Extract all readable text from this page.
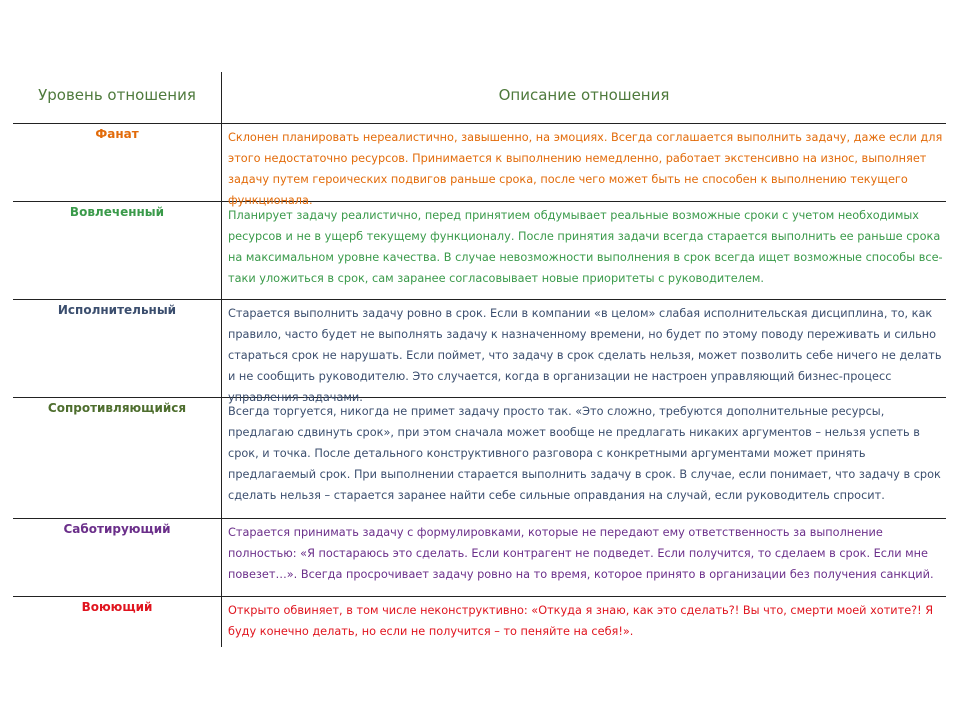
Уровень отношения	Описание отношения
Фанат	Склонен планировать нереалистично, завышенно, на эмоциях. Всегда соглашается выполнить задачу, даже если для этого недостаточно ресурсов. Принимается к выполнению немедленно, работает экстенсивно на износ, выполняет задачу путем героических подвигов раньше срока, после чего может быть не способен к выполнению текущего функционала.
Вовлеченный	Планирует задачу реалистично, перед принятием обдумывает реальные возможные сроки с учетом необходимых ресурсов и не в ущерб текущему функционалу. После принятия задачи всегда старается выполнить ее раньше срока на максимальном уровне качества. В случае невозможности выполнения в срок всегда ищет возможные способы все-таки уложиться в срок, сам заранее согласовывает новые приоритеты с руководителем.
Исполнительный	Старается выполнить задачу ровно в срок. Если в компании «в целом» слабая исполнительская дисциплина, то, как правило, часто будет не выполнять задачу к назначенному времени, но будет по этому поводу переживать и сильно стараться срок не нарушать. Если поймет, что задачу в срок сделать нельзя, может позволить себе ничего не делать и не сообщить руководителю. Это случается, когда в организации не настроен управляющий бизнес-процесс управления задачами.
Сопротивляющийся	Всегда торгуется, никогда не примет задачу просто так. «Это сложно, требуются дополнительные ресурсы, предлагаю сдвинуть срок», при этом сначала может вообще не предлагать никаких аргументов – нельзя успеть в срок, и точка. После детального конструктивного разговора с конкретными аргументами может принять предлагаемый срок. При выполнении старается выполнить задачу в срок. В случае, если понимает, что задачу в срок сделать нельзя – старается заранее найти себе сильные оправдания на случай, если руководитель спросит.
Саботирующий	Старается принимать задачу с формулировками, которые не передают ему ответственность за выполнение полностью: «Я постараюсь это сделать. Если контрагент не подведет. Если получится, то сделаем в срок. Если мне повезет…». Всегда просрочивает задачу ровно на то время, которое принято в организации без получения санкций.
Воюющий	Открыто обвиняет, в том числе неконструктивно: «Откуда я знаю, как это сделать?! Вы что, смерти моей хотите?! Я буду конечно делать, но если не получится – то пеняйте на себя!».
